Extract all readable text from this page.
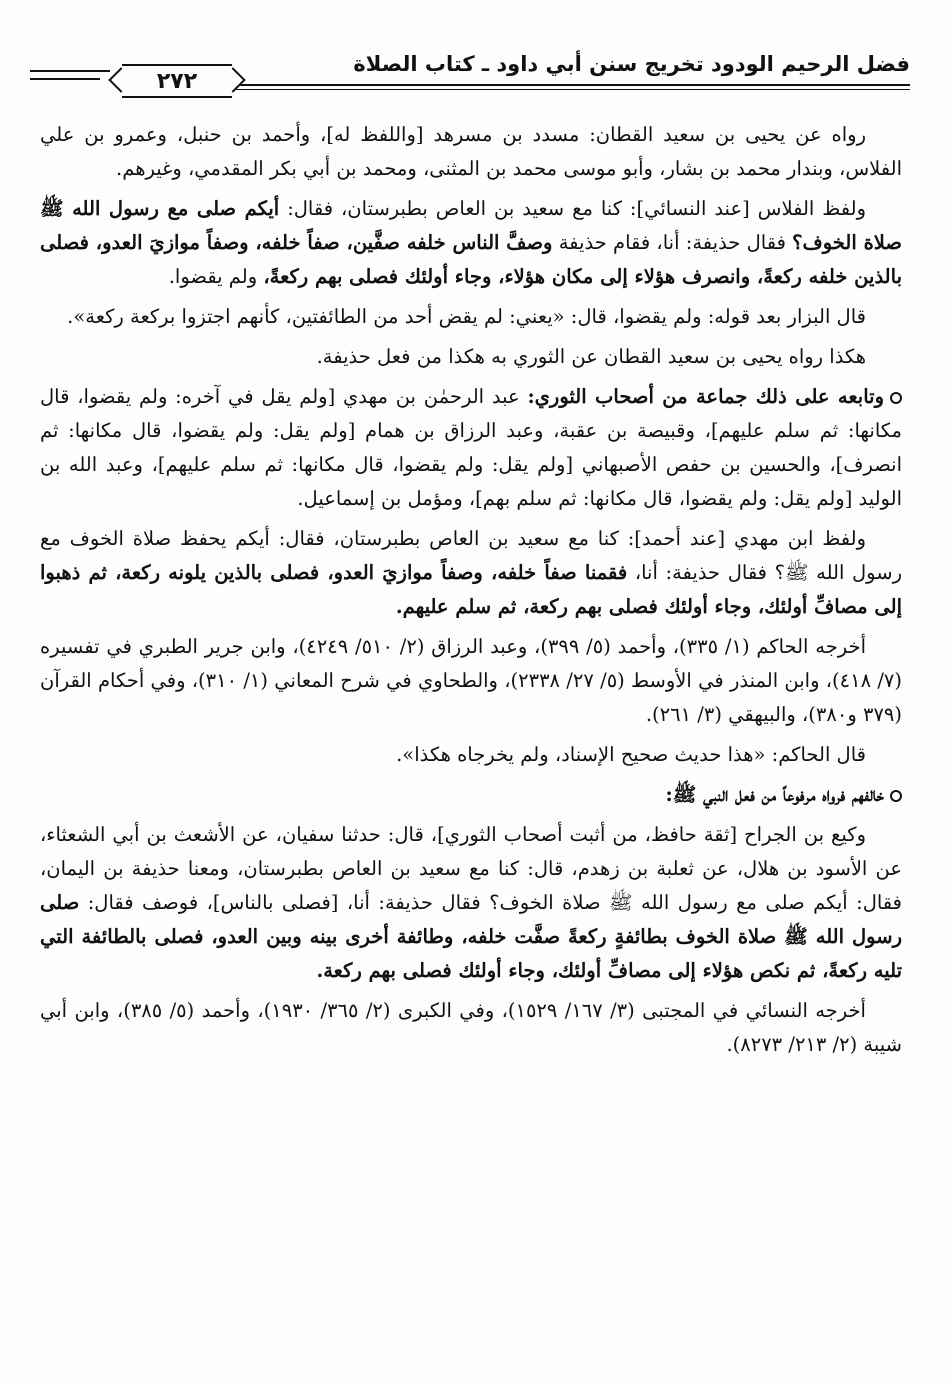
٢٧٢
فضل الرحيم الودود تخريج سنن أبي داود ـ كتاب الصلاة

رواه عن يحيى بن سعيد القطان: مسدد بن مسرهد [واللفظ له]، وأحمد بن حنبل، وعمرو بن علي الفلاس، وبندار محمد بن بشار، وأبو موسى محمد بن المثنى، ومحمد بن أبي بكر المقدمي، وغيرهم.

ولفظ الفلاس [عند النسائي]: كنا مع سعيد بن العاص بطبرستان، فقال: أيكم صلى مع رسول الله ﷺ صلاة الخوف؟ فقال حذيفة: أنا، فقام حذيفة وصفَّ الناس خلفه صفَّين، صفاً خلفه، وصفاً موازيَ العدو، فصلى بالذين خلفه ركعةً، وانصرف هؤلاء إلى مكان هؤلاء، وجاء أولئك فصلى بهم ركعةً، ولم يقضوا.

قال البزار بعد قوله: ولم يقضوا، قال: «يعني: لم يقض أحد من الطائفتين، كأنهم اجتزوا بركعة ركعة».

هكذا رواه يحيى بن سعيد القطان عن الثوري به هكذا من فعل حذيفة.

وتابعه على ذلك جماعة من أصحاب الثوري: عبد الرحمٰن بن مهدي [ولم يقل في آخره: ولم يقضوا، قال مكانها: ثم سلم عليهم]، وقبيصة بن عقبة، وعبد الرزاق بن همام [ولم يقل: ولم يقضوا، قال مكانها: ثم انصرف]، والحسين بن حفص الأصبهاني [ولم يقل: ولم يقضوا، قال مكانها: ثم سلم عليهم]، وعبد الله بن الوليد [ولم يقل: ولم يقضوا، قال مكانها: ثم سلم بهم]، ومؤمل بن إسماعيل.

ولفظ ابن مهدي [عند أحمد]: كنا مع سعيد بن العاص بطبرستان، فقال: أيكم يحفظ صلاة الخوف مع رسول الله ﷺ؟ فقال حذيفة: أنا، فقمنا صفاً خلفه، وصفاً موازيَ العدو، فصلى بالذين يلونه ركعة، ثم ذهبوا إلى مصافِّ أولئك، وجاء أولئك فصلى بهم ركعة، ثم سلم عليهم.

أخرجه الحاكم (١/ ٣٣٥)، وأحمد (٥/ ٣٩٩)، وعبد الرزاق (٢/ ٥١٠/ ٤٢٤٩)، وابن جرير الطبري في تفسيره (٧/ ٤١٨)، وابن المنذر في الأوسط (٥/ ٢٧/ ٢٣٣٨)، والطحاوي في شرح المعاني (١/ ٣١٠)، وفي أحكام القرآن (٣٧٩ و٣٨٠)، والبيهقي (٣/ ٢٦١).

قال الحاكم: «هذا حديث صحيح الإسناد، ولم يخرجاه هكذا».

خالفهم فرواه مرفوعاً من فعل النبي ﷺ:

وكيع بن الجراح [ثقة حافظ، من أثبت أصحاب الثوري]، قال: حدثنا سفيان، عن الأشعث بن أبي الشعثاء، عن الأسود بن هلال، عن ثعلبة بن زهدم، قال: كنا مع سعيد بن العاص بطبرستان، ومعنا حذيفة بن اليمان، فقال: أيكم صلى مع رسول الله ﷺ صلاة الخوف؟ فقال حذيفة: أنا، [فصلى بالناس]، فوصف فقال: صلى رسول الله ﷺ صلاة الخوف بطائفةٍ ركعةً صفَّت خلفه، وطائفة أخرى بينه وبين العدو، فصلى بالطائفة التي تليه ركعةً، ثم نكص هؤلاء إلى مصافِّ أولئك، وجاء أولئك فصلى بهم ركعة.

أخرجه النسائي في المجتبى (٣/ ١٦٧/ ١٥٢٩)، وفي الكبرى (٢/ ٣٦٥/ ١٩٣٠)، وأحمد (٥/ ٣٨٥)، وابن أبي شيبة (٢/ ٢١٣/ ٨٢٧٣).
